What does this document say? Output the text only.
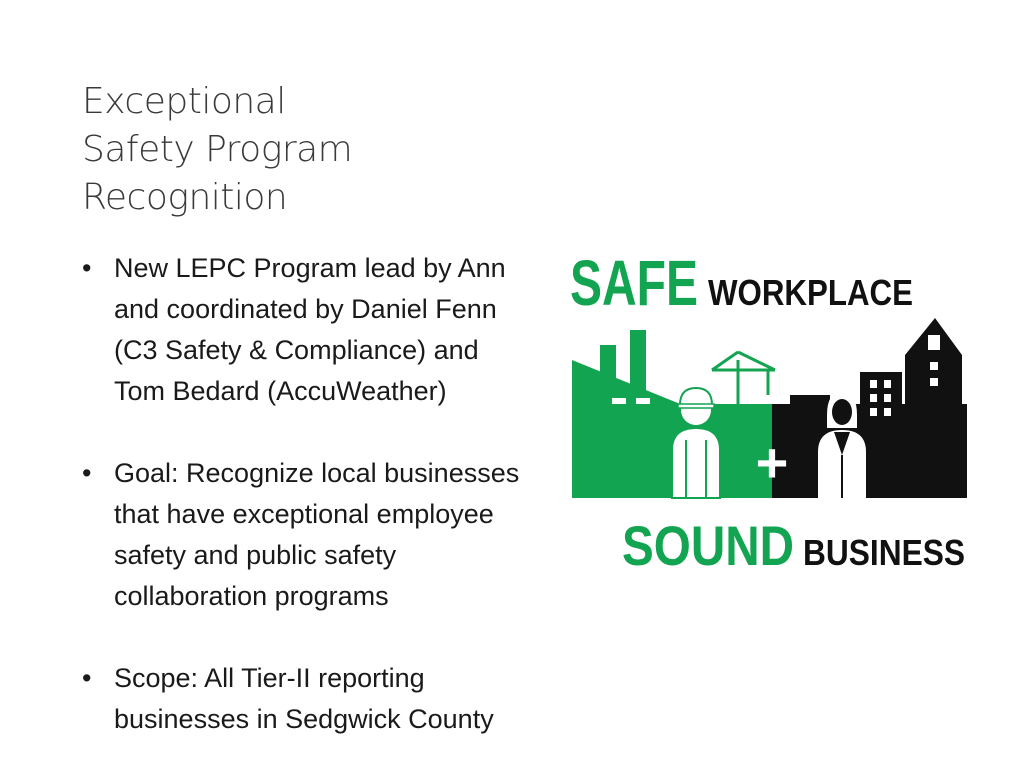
Exceptional
Safety Program
Recognition
• New LEPC Program lead by Ann
and coordinated by Daniel Fenn
(C3 Safety & Compliance) and
Tom Bedard (AccuWeather)
• Goal: Recognize local businesses
that have exceptional employee
safety and public safety
collaboration programs
• Scope: All Tier-II reporting
businesses in Sedgwick County
SAFE WORKPLACE
+
SOUND BUSINESS
